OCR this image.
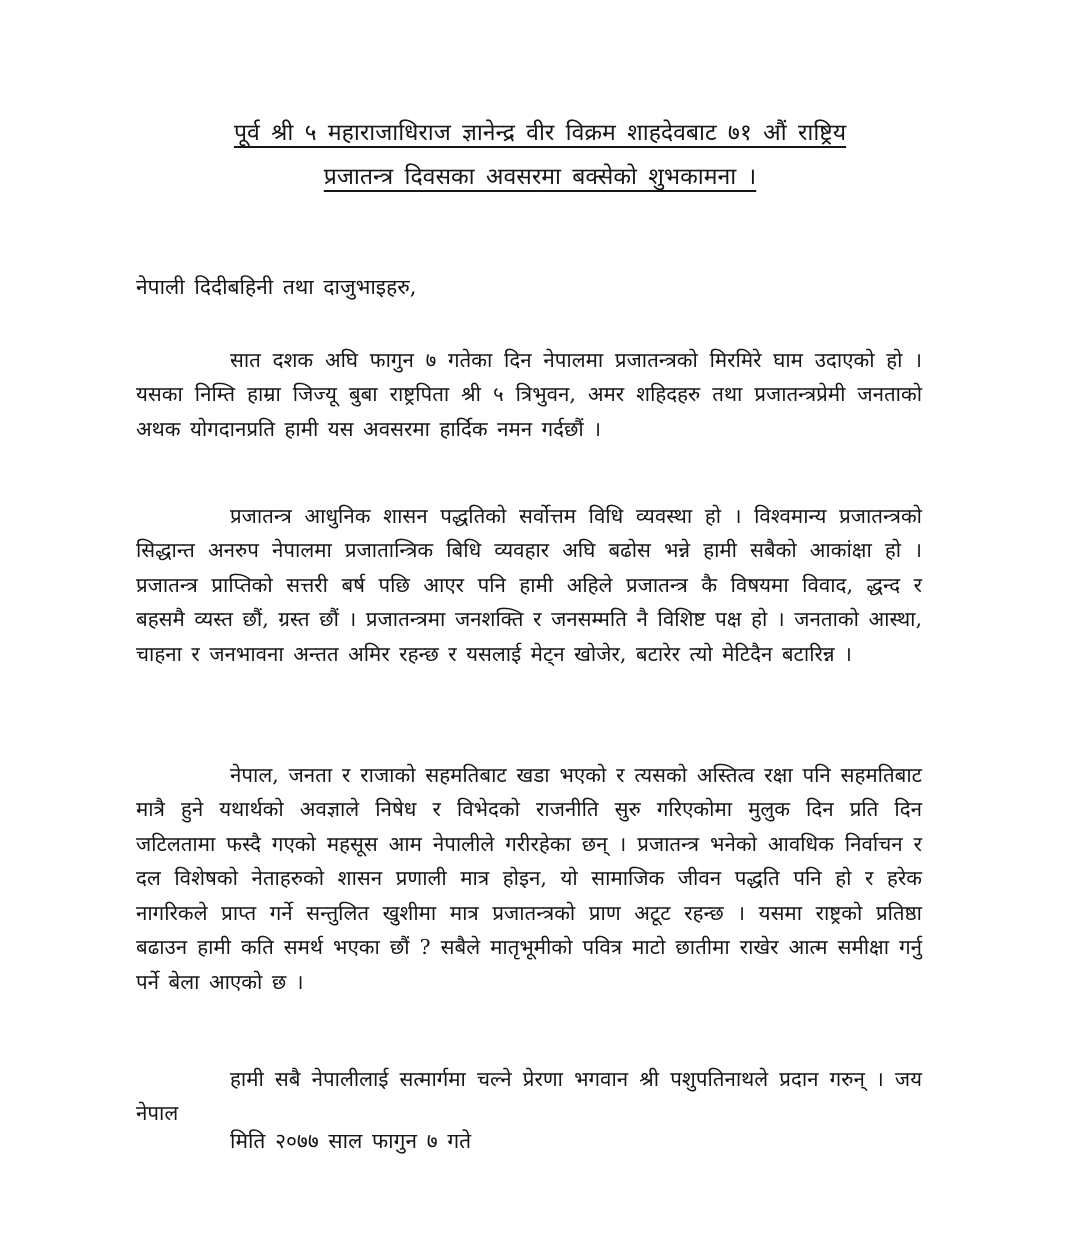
पूर्व श्री ५ महाराजाधिराज ज्ञानेन्द्र वीर विक्रम शाहदेवबाट ७१ औं राष्ट्रिय
प्रजातन्त्र दिवसका अवसरमा बक्सेको शुभकामना ।
नेपाली दिदीबहिनी तथा दाजुभाइहरु,

सात दशक अघि फागुन ७ गतेका दिन नेपालमा प्रजातन्त्रको मिरमिरे घाम उदाएको हो । यसका निम्ति हाम्रा जिज्यू बुबा राष्ट्रपिता श्री ५ त्रिभुवन, अमर शहिदहरु तथा प्रजातन्त्रप्रेमी जनताको अथक योगदानप्रति हामी यस अवसरमा हार्दिक नमन गर्दछौं ।

प्रजातन्त्र आधुनिक शासन पद्धतिको सर्वोत्तम विधि व्यवस्था हो । विश्वमान्य प्रजातन्त्रको सिद्धान्त अनरुप नेपालमा प्रजातान्त्रिक बिधि व्यवहार अघि बढोस भन्ने हामी सबैको आकांक्षा हो । प्रजातन्त्र प्राप्तिको सत्तरी बर्ष पछि आएर पनि हामी अहिले प्रजातन्त्र कै विषयमा विवाद, द्धन्द र बहसमै व्यस्त छौं, ग्रस्त छौं । प्रजातन्त्रमा जनशक्ति र जनसम्मति नै विशिष्ट पक्ष हो । जनताको आस्था, चाहना र जनभावना अन्तत अमिर रहन्छ र यसलाई मेट्न खोजेर, बटारेर त्यो मेटिदैन बटारिन्न ।

नेपाल, जनता र राजाको सहमतिबाट खडा भएको र त्यसको अस्तित्व रक्षा पनि सहमतिबाट मात्रै हुने यथार्थको अवज्ञाले निषेध र विभेदको राजनीति सुरु गरिएकोमा मुलुक दिन प्रति दिन जटिलतामा फस्दै गएको महसूस आम नेपालीले गरीरहेका छन् । प्रजातन्त्र भनेको आवधिक निर्वाचन र दल विशेषको नेताहरुको शासन प्रणाली मात्र होइन, यो सामाजिक जीवन पद्धति पनि हो र हरेक नागरिकले प्राप्त गर्ने सन्तुलित खुशीमा मात्र प्रजातन्त्रको प्राण अटूट रहन्छ । यसमा राष्ट्रको प्रतिष्ठा बढाउन हामी कति समर्थ भएका छौं ? सबैले मातृभूमीको पवित्र माटो छातीमा राखेर आत्म समीक्षा गर्नु पर्ने बेला आएको छ ।

हामी सबै नेपालीलाई सत्मार्गमा चल्ने प्रेरणा भगवान श्री पशुपतिनाथले प्रदान गरुन् । जय नेपाल

मिति २०७७ साल फागुन ७ गते
